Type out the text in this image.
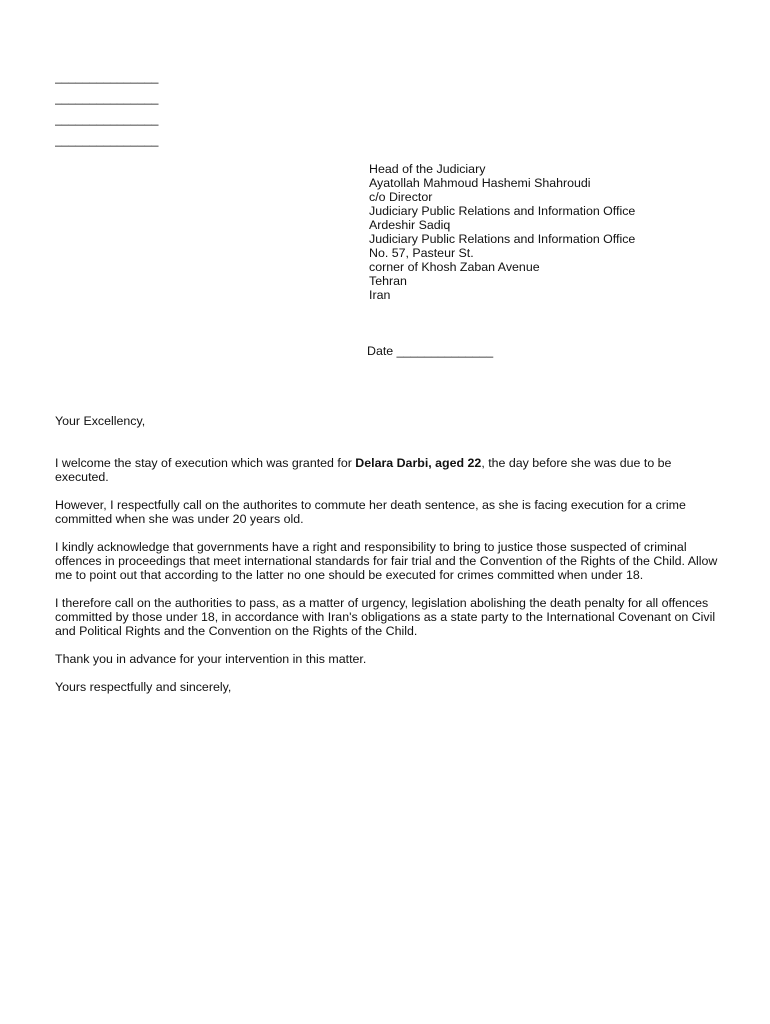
_______________
_______________
_______________
_______________
Head of the Judiciary
Ayatollah Mahmoud Hashemi Shahroudi
c/o Director
Judiciary Public Relations and Information Office
Ardeshir Sadiq
Judiciary Public Relations and Information Office
No. 57, Pasteur St.
corner of Khosh Zaban Avenue
Tehran
Iran
Date ______________
Your Excellency,
I welcome the stay of execution which was granted for Delara Darbi, aged 22, the day before she was due to be executed.
However, I respectfully call on the authorites to commute her death sentence, as she is facing execution for a crime committed when she was under 20 years old.
I kindly acknowledge that governments have a right and responsibility to bring to justice those suspected of criminal offences in proceedings that meet international standards for fair trial and the Convention of the Rights of the Child. Allow me to point out that according to the latter no one should be executed for crimes committed when under 18.
I therefore call on the authorities to pass, as a matter of urgency, legislation abolishing the death penalty for all offences committed by those under 18, in accordance with Iran's obligations as a state party to the International Covenant on Civil and Political Rights and the Convention on the Rights of the Child.
Thank you in advance for your intervention in this matter.
Yours respectfully and sincerely,
